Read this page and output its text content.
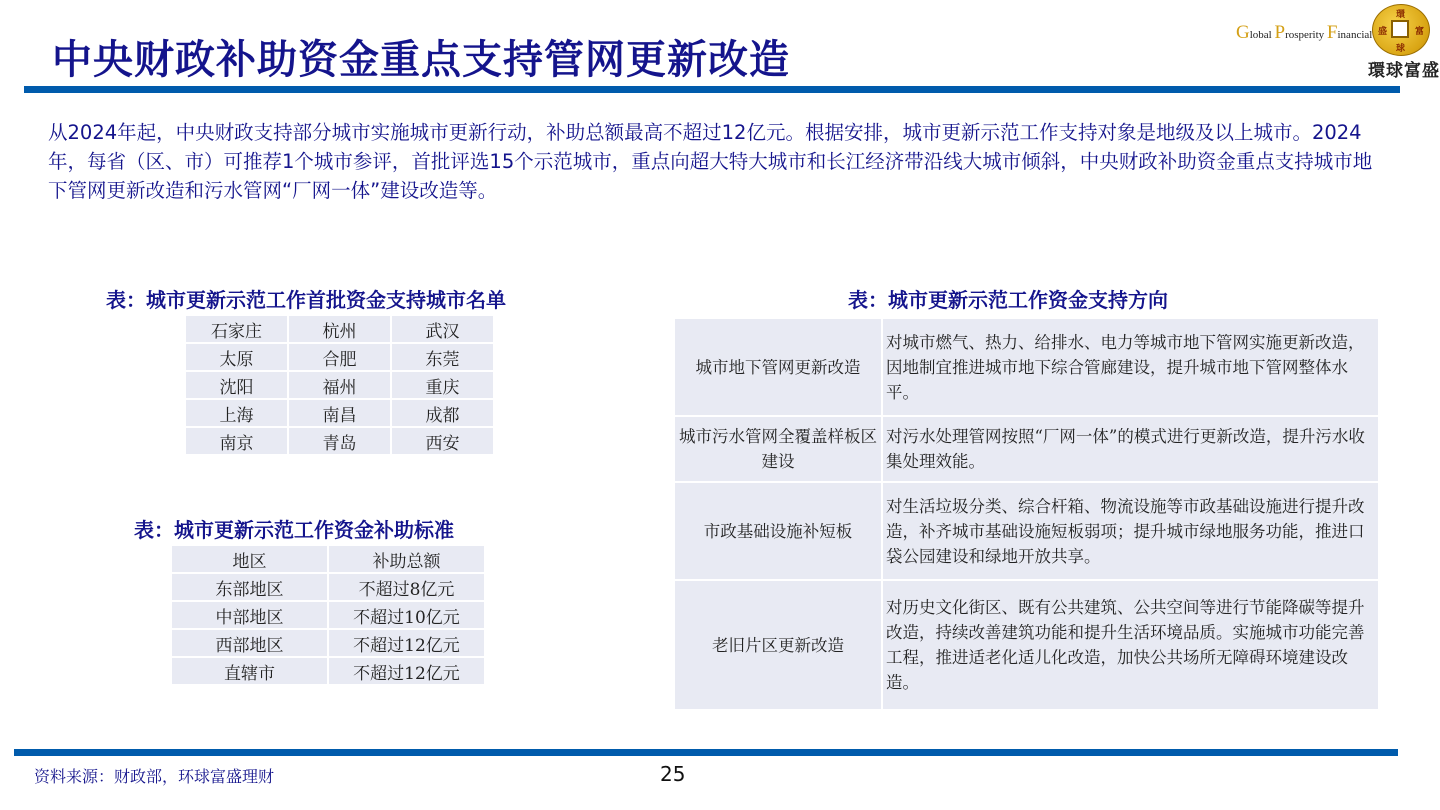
中央财政补助资金重点支持管网更新改造
Global Prosperity Financial
環
球
富
盛
環球富盛
从2024年起，中央财政支持部分城市实施城市更新行动，补助总额最高不超过12亿元。根据安排，城市更新示范工作支持对象是地级及以上城市。2024年，每省（区、市）可推荐1个城市参评，首批评选15个示范城市，重点向超大特大城市和长江经济带沿线大城市倾斜，中央财政补助资金重点支持城市地下管网更新改造和污水管网“厂网一体”建设改造等。
表：城市更新示范工作首批资金支持城市名单
石家庄	杭州	武汉
太原	合肥	东莞
沈阳	福州	重庆
上海	南昌	成都
南京	青岛	西安
表：城市更新示范工作资金补助标准
地区	补助总额
东部地区	不超过8亿元
中部地区	不超过10亿元
西部地区	不超过12亿元
直辖市	不超过12亿元
表：城市更新示范工作资金支持方向
城市地下管网更新改造	对城市燃气、热力、给排水、电力等城市地下管网实施更新改造，因地制宜推进城市地下综合管廊建设，提升城市地下管网整体水平。
城市污水管网全覆盖样板区建设	对污水处理管网按照“厂网一体”的模式进行更新改造，提升污水收集处理效能。
市政基础设施补短板	对生活垃圾分类、综合杆箱、物流设施等市政基础设施进行提升改造，补齐城市基础设施短板弱项；提升城市绿地服务功能，推进口袋公园建设和绿地开放共享。
老旧片区更新改造	对历史文化街区、既有公共建筑、公共空间等进行节能降碳等提升改造，持续改善建筑功能和提升生活环境品质。实施城市功能完善工程，推进适老化适儿化改造，加快公共场所无障碍环境建设改造。
资料来源：财政部，环球富盛理财	25
